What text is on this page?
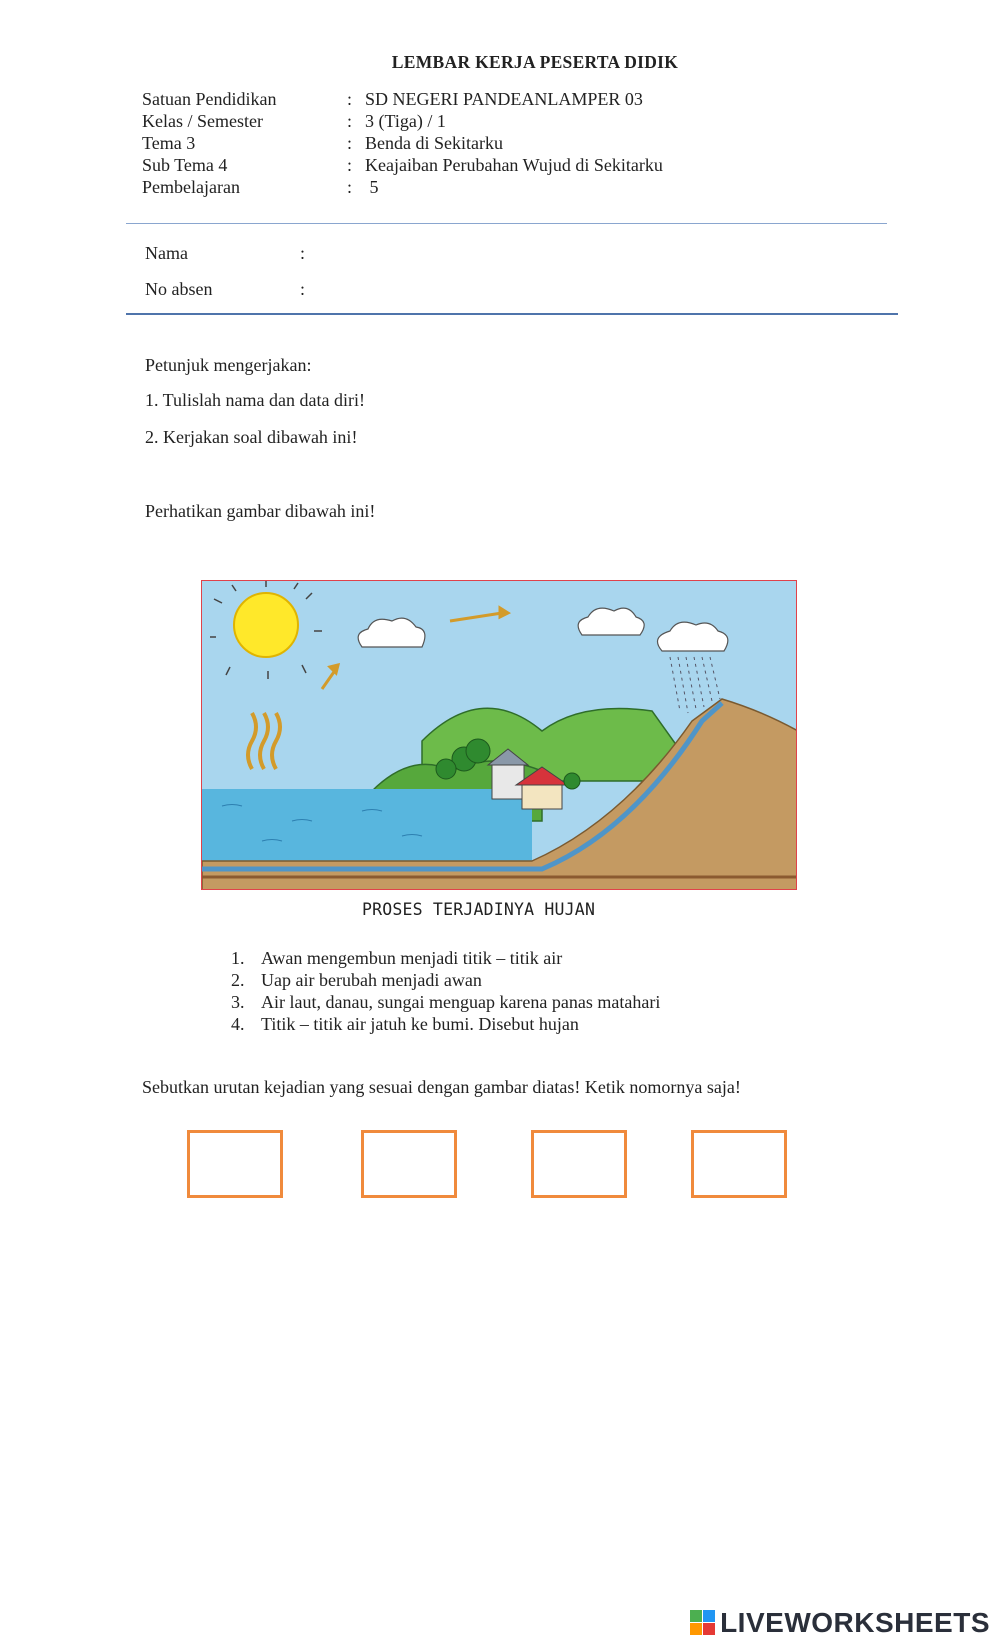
LEMBAR KERJA PESERTA DIDIK
Satuan Pendidikan	: SD NEGERI PANDEANLAMPER 03
Kelas / Semester	: 3 (Tiga) / 1
Tema 3	: Benda di Sekitarku
Sub Tema 4	: Keajaiban Perubahan Wujud di Sekitarku
Pembelajaran	: 5
Nama	:
No absen	:
Petunjuk mengerjakan:
1. Tulislah nama dan data diri!
2. Kerjakan soal dibawah ini!
Perhatikan gambar dibawah ini!
PROSES TERJADINYA HUJAN
1. Awan mengembun menjadi titik – titik air
2. Uap air berubah menjadi awan
3. Air laut, danau, sungai menguap karena panas matahari
4. Titik – titik air jatuh ke bumi. Disebut hujan
Sebutkan urutan kejadian yang sesuai dengan gambar diatas! Ketik nomornya saja!
LIVEWORKSHEETS
